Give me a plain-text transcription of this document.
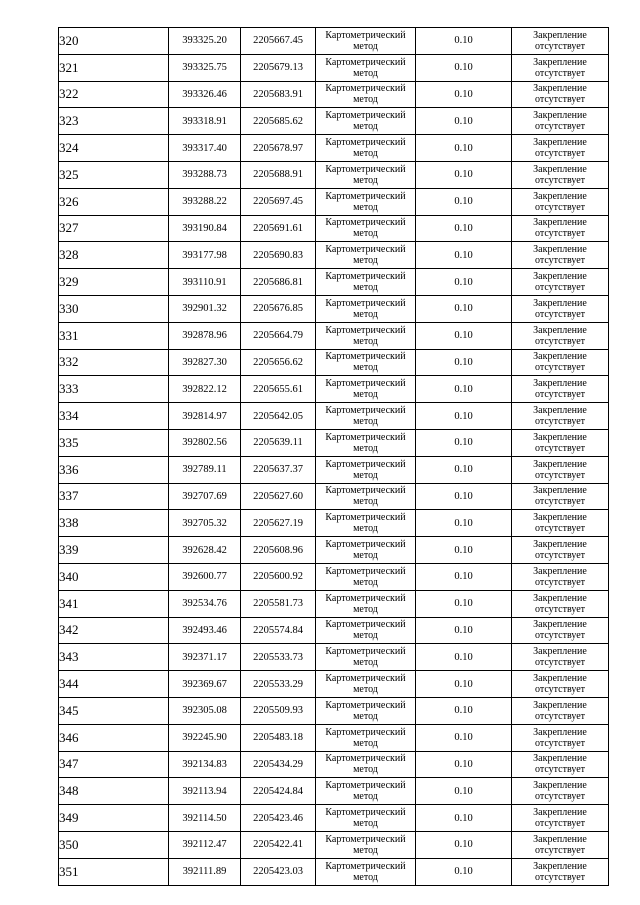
320	393325.20	2205667.45	Картометрический
метод	0.10	Закрепление
отсутствует
321	393325.75	2205679.13	Картометрический
метод	0.10	Закрепление
отсутствует
322	393326.46	2205683.91	Картометрический
метод	0.10	Закрепление
отсутствует
323	393318.91	2205685.62	Картометрический
метод	0.10	Закрепление
отсутствует
324	393317.40	2205678.97	Картометрический
метод	0.10	Закрепление
отсутствует
325	393288.73	2205688.91	Картометрический
метод	0.10	Закрепление
отсутствует
326	393288.22	2205697.45	Картометрический
метод	0.10	Закрепление
отсутствует
327	393190.84	2205691.61	Картометрический
метод	0.10	Закрепление
отсутствует
328	393177.98	2205690.83	Картометрический
метод	0.10	Закрепление
отсутствует
329	393110.91	2205686.81	Картометрический
метод	0.10	Закрепление
отсутствует
330	392901.32	2205676.85	Картометрический
метод	0.10	Закрепление
отсутствует
331	392878.96	2205664.79	Картометрический
метод	0.10	Закрепление
отсутствует
332	392827.30	2205656.62	Картометрический
метод	0.10	Закрепление
отсутствует
333	392822.12	2205655.61	Картометрический
метод	0.10	Закрепление
отсутствует
334	392814.97	2205642.05	Картометрический
метод	0.10	Закрепление
отсутствует
335	392802.56	2205639.11	Картометрический
метод	0.10	Закрепление
отсутствует
336	392789.11	2205637.37	Картометрический
метод	0.10	Закрепление
отсутствует
337	392707.69	2205627.60	Картометрический
метод	0.10	Закрепление
отсутствует
338	392705.32	2205627.19	Картометрический
метод	0.10	Закрепление
отсутствует
339	392628.42	2205608.96	Картометрический
метод	0.10	Закрепление
отсутствует
340	392600.77	2205600.92	Картометрический
метод	0.10	Закрепление
отсутствует
341	392534.76	2205581.73	Картометрический
метод	0.10	Закрепление
отсутствует
342	392493.46	2205574.84	Картометрический
метод	0.10	Закрепление
отсутствует
343	392371.17	2205533.73	Картометрический
метод	0.10	Закрепление
отсутствует
344	392369.67	2205533.29	Картометрический
метод	0.10	Закрепление
отсутствует
345	392305.08	2205509.93	Картометрический
метод	0.10	Закрепление
отсутствует
346	392245.90	2205483.18	Картометрический
метод	0.10	Закрепление
отсутствует
347	392134.83	2205434.29	Картометрический
метод	0.10	Закрепление
отсутствует
348	392113.94	2205424.84	Картометрический
метод	0.10	Закрепление
отсутствует
349	392114.50	2205423.46	Картометрический
метод	0.10	Закрепление
отсутствует
350	392112.47	2205422.41	Картометрический
метод	0.10	Закрепление
отсутствует
351	392111.89	2205423.03	Картометрический
метод	0.10	Закрепление
отсутствует
